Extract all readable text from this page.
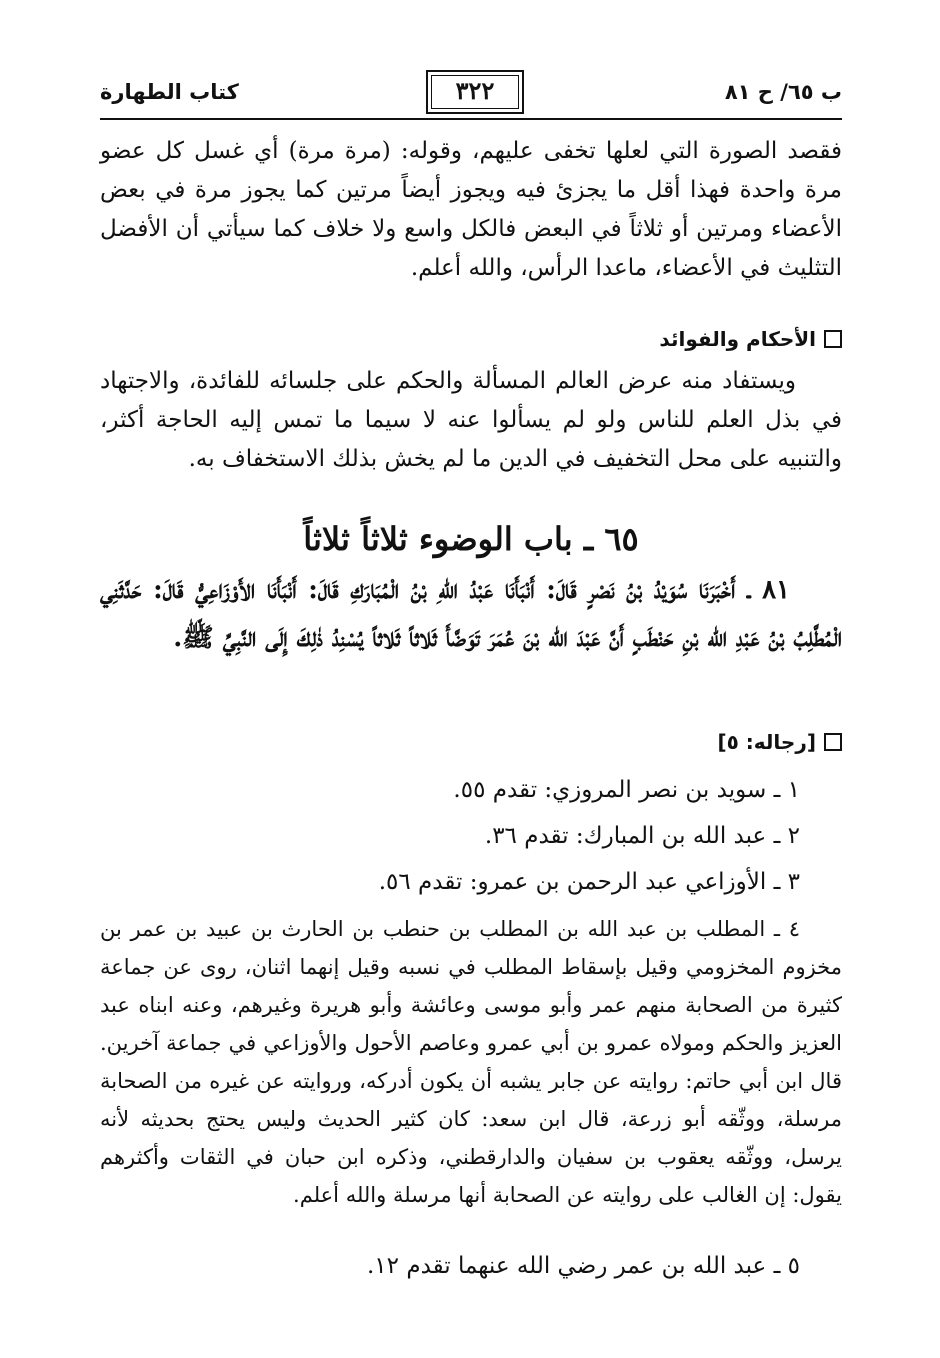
ب ٦٥/ ح ٨١
٣٢٢
كتاب الطهارة
فقصد الصورة التي لعلها تخفى عليهم، وقوله: (مرة مرة) أي غسل كل عضو مرة واحدة فهذا أقل ما يجزئ فيه ويجوز أيضاً مرتين كما يجوز مرة في بعض الأعضاء ومرتين أو ثلاثاً في البعض فالكل واسع ولا خلاف كما سيأتي أن الأفضل التثليث في الأعضاء، ماعدا الرأس، والله أعلم.
الأحكام والفوائد
ويستفاد منه عرض العالم المسألة والحكم على جلسائه للفائدة، والاجتهاد في بذل العلم للناس ولو لم يسألوا عنه لا سيما ما تمس إليه الحاجة أكثر، والتنبيه على محل التخفيف في الدين ما لم يخش بذلك الاستخفاف به.
٦٥ ـ باب الوضوء ثلاثاً ثلاثاً
٨١ ـ أَخْبَرَنَا سُوَيْدُ بْنُ نَصْرٍ قَالَ: أَنْبَأَنَا عَبْدُ اللهِ بْنُ الْمُبَارَكِ قَالَ: أَنْبَأَنَا الأَوْزَاعِيُّ قَالَ: حَدَّثَنِي الْمُطَّلِبُ بْنُ عَبْدِ الله بْنِ حَنْطَبٍ أَنَّ عَبْدَ الله بْنَ عُمَرَ تَوَضَّأَ ثَلاثاً ثَلاثاً يُسْنِدُ ذٰلِكَ إِلَى النَّبِيِّ ﷺ.
[رجاله: ٥]
١ ـ سويد بن نصر المروزي: تقدم ٥٥.
٢ ـ عبد الله بن المبارك: تقدم ٣٦.
٣ ـ الأوزاعي عبد الرحمن بن عمرو: تقدم ٥٦.
٤ ـ المطلب بن عبد الله بن المطلب بن حنطب بن الحارث بن عبيد بن عمر بن مخزوم المخزومي وقيل بإسقاط المطلب في نسبه وقيل إنهما اثنان، روى عن جماعة كثيرة من الصحابة منهم عمر وأبو موسى وعائشة وأبو هريرة وغيرهم، وعنه ابناه عبد العزيز والحكم ومولاه عمرو بن أبي عمرو وعاصم الأحول والأوزاعي في جماعة آخرين. قال ابن أبي حاتم: روايته عن جابر يشبه أن يكون أدركه، وروايته عن غيره من الصحابة مرسلة، ووثّقه أبو زرعة، قال ابن سعد: كان كثير الحديث وليس يحتج بحديثه لأنه يرسل، ووثّقه يعقوب بن سفيان والدارقطني، وذكره ابن حبان في الثقات وأكثرهم يقول: إن الغالب على روايته عن الصحابة أنها مرسلة والله أعلم.
٥ ـ عبد الله بن عمر رضي الله عنهما تقدم ١٢.
